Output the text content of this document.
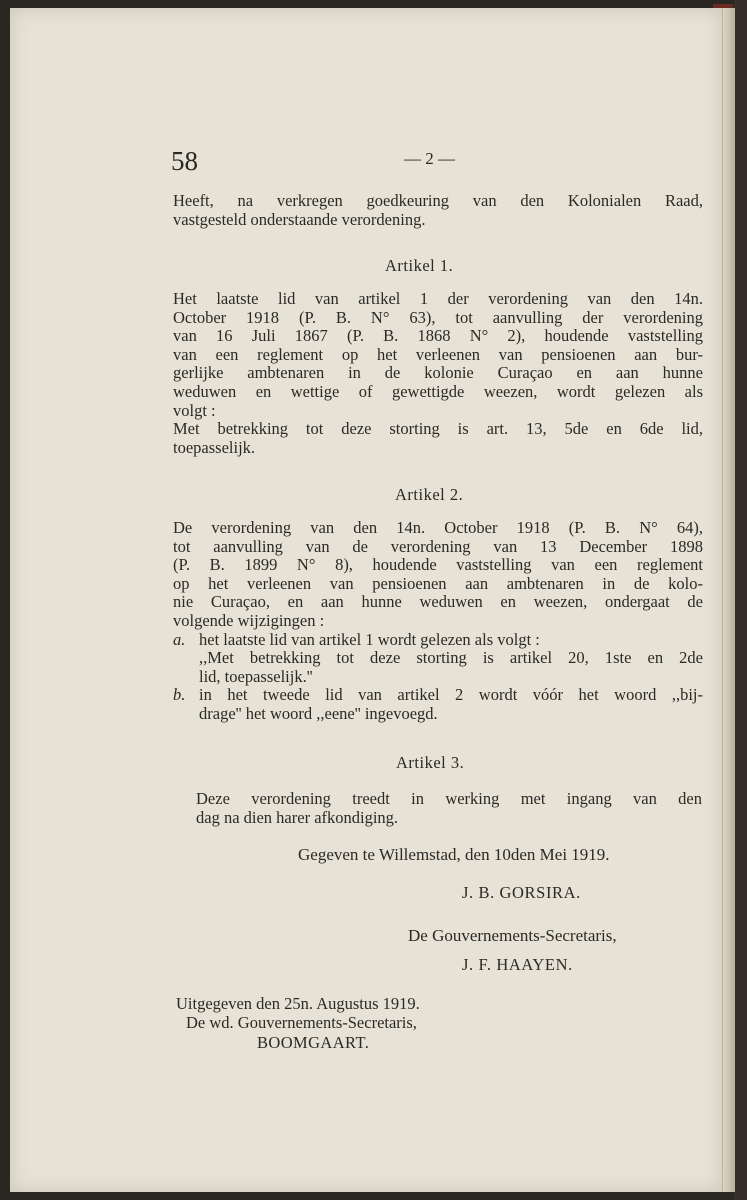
58	— 2 —
Heeft, na verkregen goedkeuring van den Kolonialen Raad,
vastgesteld onderstaande verordening.
Artikel 1.
Het laatste lid van artikel 1 der verordening van den 14n.
October 1918 (P. B. N° 63), tot aanvulling der verordening
van 16 Juli 1867 (P. B. 1868 N° 2), houdende vaststelling
van een reglement op het verleenen van pensioenen aan bur-
gerlijke ambtenaren in de kolonie Curaçao en aan hunne
weduwen en wettige of gewettigde weezen, wordt gelezen als
volgt :
Met betrekking tot deze storting is art. 13, 5de en 6de lid,
toepasselijk.
Artikel 2.
De verordening van den 14n. October 1918 (P. B. N° 64),
tot aanvulling van de verordening van 13 December 1898
(P. B. 1899 N° 8), houdende vaststelling van een reglement
op het verleenen van pensioenen aan ambtenaren in de kolo-
nie Curaçao, en aan hunne weduwen en weezen, ondergaat de
volgende wijzigingen :
a. het laatste lid van artikel 1 wordt gelezen als volgt :
,,Met betrekking tot deze storting is artikel 20, 1ste en 2de
lid, toepasselijk.''
b. in het tweede lid van artikel 2 wordt vóór het woord ,,bij-
drage'' het woord ,,eene'' ingevoegd.
Artikel 3.
Deze verordening treedt in werking met ingang van den
dag na dien harer afkondiging.
Gegeven te Willemstad, den 10den Mei 1919.
J. B. GORSIRA.
De Gouvernements-Secretaris,
J. F. HAAYEN.
Uitgegeven den 25n. Augustus 1919.
De wd. Gouvernements-Secretaris,
BOOMGAART.
